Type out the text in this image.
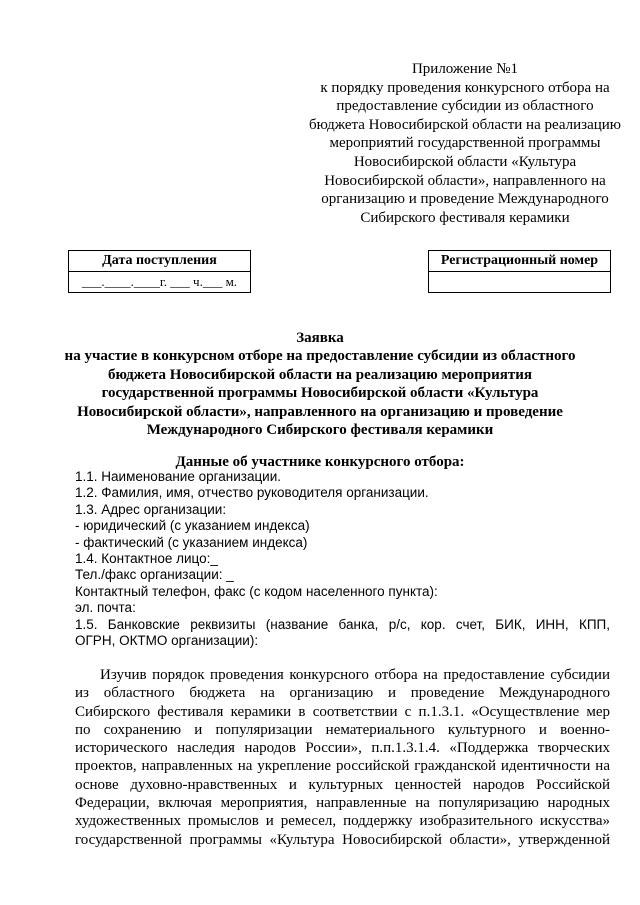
Приложение №1
к порядку проведения конкурсного отбора на
предоставление субсидии из областного
бюджета Новосибирской области на реализацию
мероприятий государственной программы
Новосибирской области «Культура
Новосибирской области», направленного на
организацию и проведение Международного
Сибирского фестиваля керамики
Дата поступления
___.____.____г. ___ ч.___ м.
Регистрационный номер

Заявка
на участие в конкурсном отборе на предоставление субсидии из областного
бюджета Новосибирской области на реализацию мероприятия
государственной программы Новосибирской области «Культура
Новосибирской области», направленного на организацию и проведение
Международного Сибирского фестиваля керамики
Данные об участнике конкурсного отбора:
1.1. Наименование организации.
1.2. Фамилия, имя, отчество руководителя организации.
1.3. Адрес организации:
- юридический (с указанием индекса)
- фактический (с указанием индекса)
1.4. Контактное лицо:_
Тел./факс организации: _
Контактный телефон, факс (с кодом населенного пункта):
эл. почта:
1.5. Банковские реквизиты (название банка, р/с, кор. счет, БИК, ИНН, КПП,
ОГРН, ОКТМО организации):
Изучив порядок проведения конкурсного отбора на предоставление субсидии
из областного бюджета на организацию и проведение Международного
Сибирского фестиваля керамики в соответствии с п.1.3.1. «Осуществление мер
по сохранению и популяризации нематериального культурного и военно-
исторического наследия народов России», п.п.1.3.1.4. «Поддержка творческих
проектов, направленных на укрепление российской гражданской идентичности на
основе духовно-нравственных и культурных ценностей народов Российской
Федерации, включая мероприятия, направленные на популяризацию народных
художественных промыслов и ремесел, поддержку изобразительного искусства»
государственной программы «Культура Новосибирской области», утвержденной
